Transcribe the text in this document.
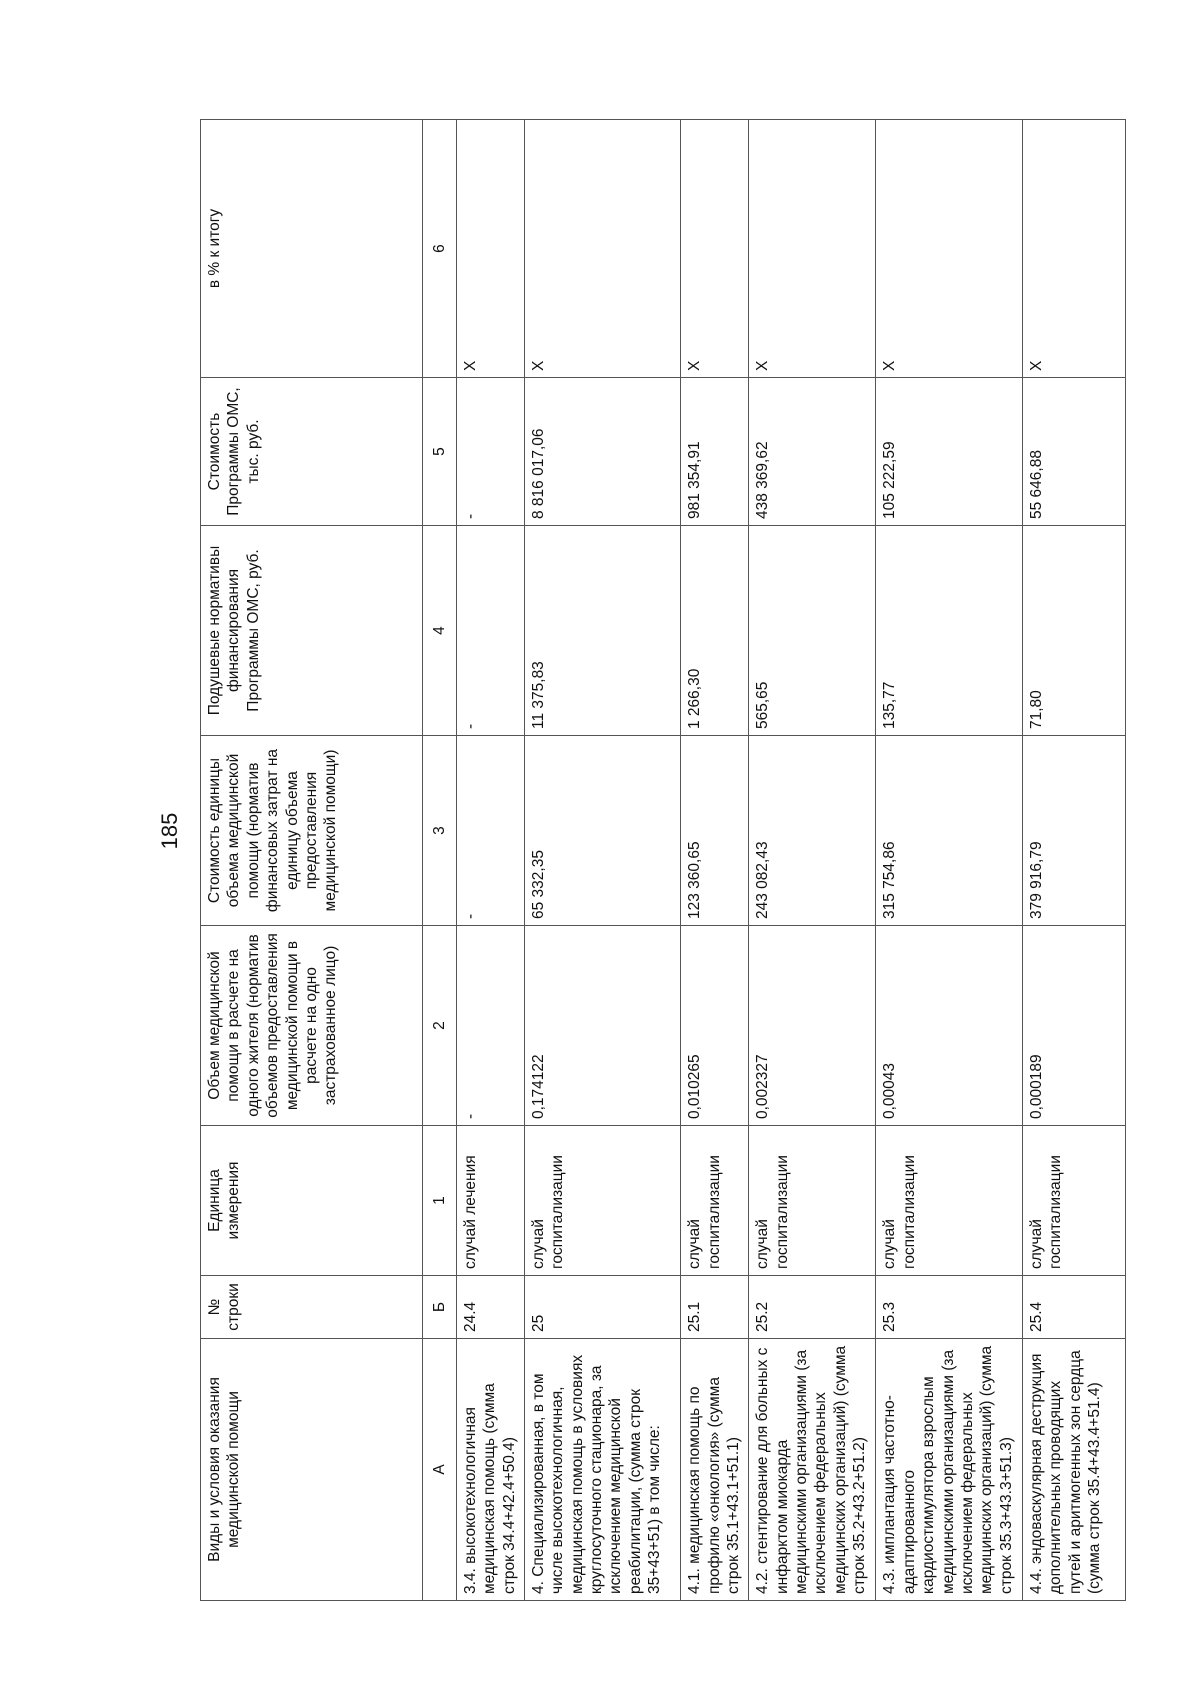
185
Виды и условия оказания медицинской помощи	№ строки	Единица измерения	Объем медицинской помощи в расчете на одного жителя (норматив объемов предоставления медицинской помощи в расчете на одно застрахованное лицо)	Стоимость единицы объема медицинской помощи (норматив финансовых затрат на единицу объема предоставления медицинской помощи)	Подушевые нормативы финансирования Программы ОМС, руб.	Стоимость Программы ОМС, тыс. руб.	в % к итогу
А	Б	1	2	3	4	5	6
3.4. высокотехнологичная медицинская помощь (сумма строк 34.4+42.4+50.4)	24.4	случай лечения	-	-	-	-	Х
4. Специализированная, в том числе высокотехнологичная, медицинская помощь в условиях круглосуточного стационара, за исключением медицинской реабилитации, (сумма строк 35+43+51) в том числе:	25	случай госпитализации	0,174122	65 332,35	11 375,83	8 816 017,06	Х
4.1. медицинская помощь по профилю «онкология» (сумма строк 35.1+43.1+51.1)	25.1	случай госпитализации	0,010265	123 360,65	1 266,30	981 354,91	Х
4.2. стентирование для больных с инфарктом миокарда медицинскими организациями (за исключением федеральных медицинских организаций) (сумма строк 35.2+43.2+51.2)	25.2	случай госпитализации	0,002327	243 082,43	565,65	438 369,62	Х
4.3. имплантация частотно-адаптированного кардиостимулятора взрослым медицинскими организациями (за исключением федеральных медицинских организаций) (сумма строк 35.3+43.3+51.3)	25.3	случай госпитализации	0,00043	315 754,86	135,77	105 222,59	Х
4.4. эндоваскулярная деструкция дополнительных проводящих путей и аритмогенных зон сердца (сумма строк 35.4+43.4+51.4)	25.4	случай госпитализации	0,000189	379 916,79	71,80	55 646,88	Х
